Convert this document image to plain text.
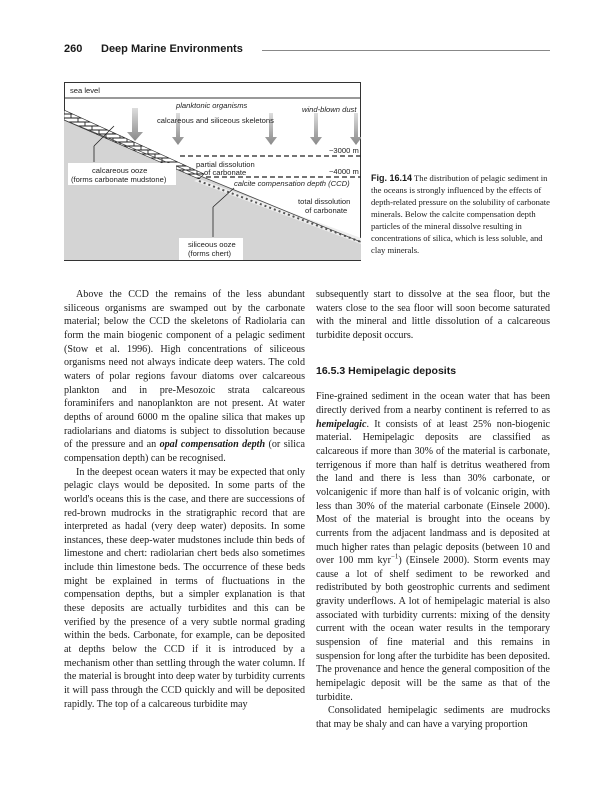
260 Deep Marine Environments
sea level
planktonic organisms
calcareous and siliceous skeletons
wind-blown dust
~3000 m
partial dissolution
of carbonate	~4000 m
calcareous ooze
(forms carbonate mudstone)	calcite compensation depth (CCD)
total dissolution
of carbonate
siliceous ooze
(forms chert)
Fig. 16.14 The distribution of pelagic sediment in the oceans is strongly influenced by the effects of depth-related pressure on the solubility of carbonate minerals. Below the calcite compensation depth particles of the mineral dissolve resulting in concentrations of silica, which is less soluble, and clay minerals.

Above the CCD the remains of the less abundant siliceous organisms are swamped out by the carbonate material; below the CCD the skeletons of Radiolaria can form the main biogenic component of a pelagic sediment (Stow et al. 1996). High concentrations of siliceous organisms need not always indicate deep waters. The cold waters of polar regions favour diatoms over calcareous plankton and in pre-Mesozoic strata calcareous foraminifers and nanoplankton are not present. At water depths of around 6000 m the opaline silica that makes up radiolarians and diatoms is subject to dissolution because of the pressure and an opal compensation depth (or silica compensation depth) can be recognised.

In the deepest ocean waters it may be expected that only pelagic clays would be deposited. In some parts of the world's oceans this is the case, and there are successions of red-brown mudrocks in the stratigraphic record that are interpreted as hadal (very deep water) deposits. In some instances, these deep-water mudstones include thin beds of limestone and chert: radiolarian chert beds also sometimes include thin limestone beds. The occurrence of these beds might be explained in terms of fluctuations in the compensation depths, but a simpler explanation is that these deposits are actually turbidites and this can be verified by the presence of a very subtle normal grading within the beds. Carbonate, for example, can be deposited at depths below the CCD if it is introduced by a mechanism other than settling through the water column. If the material is brought into deep water by turbidity currents it will pass through the CCD quickly and will be deposited rapidly. The top of a calcareous turbidite may

subsequently start to dissolve at the sea floor, but the waters close to the sea floor will soon become saturated with the mineral and little dissolution of a calcareous turbidite deposit occurs.

16.5.3 Hemipelagic deposits

Fine-grained sediment in the ocean water that has been directly derived from a nearby continent is referred to as hemipelagic. It consists of at least 25% non-biogenic material. Hemipelagic deposits are classified as calcareous if more than 30% of the material is carbonate, terrigenous if more than half is detritus weathered from the land and there is less than 30% carbonate, or volcanigenic if more than half is of volcanic origin, with less than 30% of the material carbonate (Einsele 2000). Most of the material is brought into the oceans by currents from the adjacent landmass and is deposited at much higher rates than pelagic deposits (between 10 and over 100 mm kyr$^{-1}$) (Einsele 2000). Storm events may cause a lot of shelf sediment to be reworked and redistributed by both geostrophic currents and sediment gravity underflows. A lot of hemipelagic material is also associated with turbidity currents: mixing of the density current with the ocean water results in the temporary suspension of fine material and this remains in suspension for long after the turbidite has been deposited. The provenance and hence the general composition of the hemipelagic deposit will be the same as that of the turbidite.

Consolidated hemipelagic sediments are mudrocks that may be shaly and can have a varying proportion
